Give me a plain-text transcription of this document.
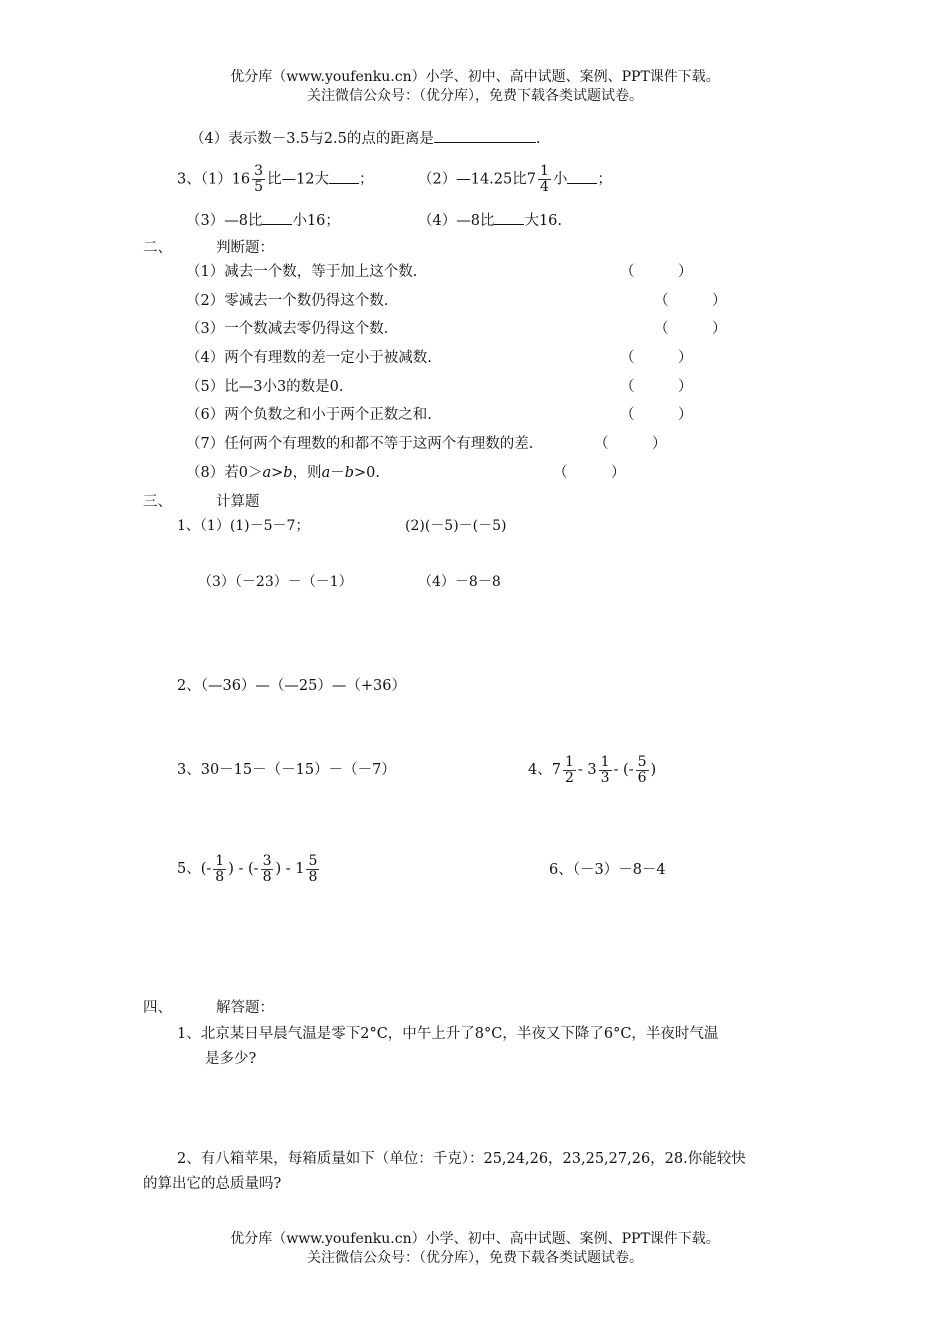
优分库（www.youfenku.cn）小学、初中、高中试题、案例、PPT课件下载。
关注微信公众号：（优分库），免费下载各类试题试卷。
（4）表示数－3.5与2.5的点的距离是	.
3、$(1)16 \frac{3}{5}$ 比—12大 ；	（2）—14.25比$7 \frac{1}{4}$ 小 ；
（3）—8比 小16；	（4）—8比 大16.
二、	判断题：
（1）减去一个数，等于加上这个数.	（　　　）
（2）零减去一个数仍得这个数.	（　　　）
（3）一个数减去零仍得这个数.	（　　　）
（4）两个有理数的差一定小于被减数.	（　　　）
（5）比—3小3的数是0.	（　　　）
（6）两个负数之和小于两个正数之和.	（　　　）
（7）任何两个有理数的和都不等于这两个有理数的差.	（　　　）
（8）若0＞a>b，则a－b>0.	（　　　）
三、	计算题
1、（1）(1)－5－7；	(2)(－5)－(－5)
（3）（－23）－（－1）	（4）－8－8
2、（—36）—（—25）—（+36）
3、30－15－（－15）－（－7）	4、$7 \frac{1}{2} - 3 \frac{1}{3}$ - (- $\frac{5}{6}$ )
5、(- $\frac{1}{8}$ ) - (- $\frac{3}{8}$ ) - $1 \frac{5}{8}$	6、（－3）－8－4
四、	解答题：
1、北京某日早晨气温是零下2°C，中午上升了8°C，半夜又下降了6°C，半夜时气温
是多少?
2、有八箱苹果，每箱质量如下（单位：千克）：25,24,26，23,25,27,26，28.你能较快
的算出它的总质量吗?
优分库（www.youfenku.cn）小学、初中、高中试题、案例、PPT课件下载。
关注微信公众号：（优分库），免费下载各类试题试卷。
